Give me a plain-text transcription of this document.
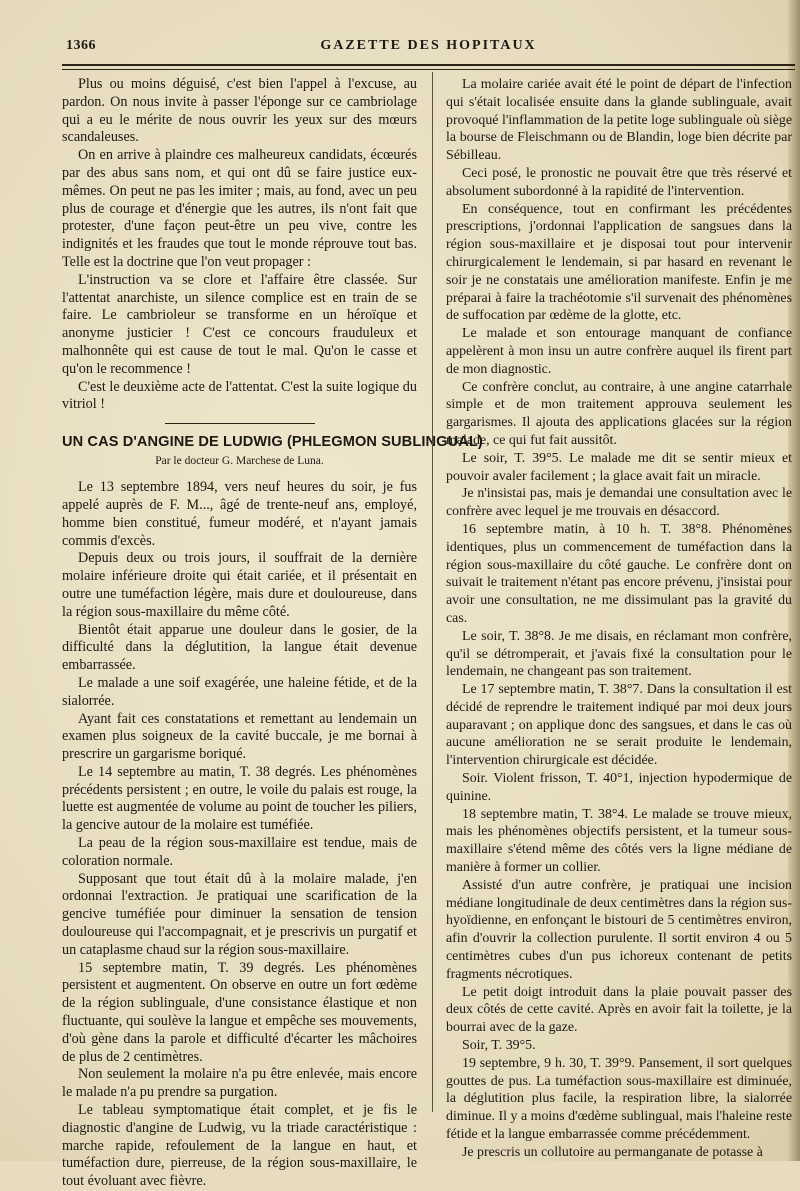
1366	GAZETTE DES HOPITAUX

Plus ou moins déguisé, c'est bien l'appel à l'excuse, au pardon. On nous invite à passer l'éponge sur ce cambriolage qui a eu le mérite de nous ouvrir les yeux sur des mœurs scandaleuses.

On en arrive à plaindre ces malheureux candidats, écœurés par des abus sans nom, et qui ont dû se faire justice eux-mêmes. On peut ne pas les imiter ; mais, au fond, avec un peu plus de courage et d'énergie que les autres, ils n'ont fait que protester, d'une façon peut-être un peu vive, contre les indignités et les fraudes que tout le monde réprouve tout bas. Telle est la doctrine que l'on veut propager :

L'instruction va se clore et l'affaire être classée. Sur l'attentat anarchiste, un silence complice est en train de se faire. Le cambrioleur se transforme en un héroïque et anonyme justicier ! C'est ce concours frauduleux et malhonnête qui est cause de tout le mal. Qu'on le casse et qu'on le recommence !

C'est le deuxième acte de l'attentat. C'est la suite logique du vitriol !

UN CAS D'ANGINE DE LUDWIG (PHLEGMON SUBLINGUAL)
Par le docteur G. Marchese de Luna.

Le 13 septembre 1894, vers neuf heures du soir, je fus appelé auprès de F. M..., âgé de trente-neuf ans, employé, homme bien constitué, fumeur modéré, et n'ayant jamais commis d'excès.

Depuis deux ou trois jours, il souffrait de la dernière molaire inférieure droite qui était cariée, et il présentait en outre une tuméfaction légère, mais dure et douloureuse, dans la région sous-maxillaire du même côté.

Bientôt était apparue une douleur dans le gosier, de la difficulté dans la déglutition, la langue était devenue embarrassée.

Le malade a une soif exagérée, une haleine fétide, et de la sialorrée.

Ayant fait ces constatations et remettant au lendemain un examen plus soigneux de la cavité buccale, je me bornai à prescrire un gargarisme boriqué.

Le 14 septembre au matin, T. 38 degrés. Les phénomènes précédents persistent ; en outre, le voile du palais est rouge, la luette est augmentée de volume au point de toucher les piliers, la gencive autour de la molaire est tuméfiée.

La peau de la région sous-maxillaire est tendue, mais de coloration normale.

Supposant que tout était dû à la molaire malade, j'en ordonnai l'extraction. Je pratiquai une scarification de la gencive tuméfiée pour diminuer la sensation de tension douloureuse qui l'accompagnait, et je prescrivis un purgatif et un cataplasme chaud sur la région sous-maxillaire.

15 septembre matin, T. 39 degrés. Les phénomènes persistent et augmentent. On observe en outre un fort œdème de la région sublinguale, d'une consistance élastique et non fluctuante, qui soulève la langue et empêche ses mouvements, d'où gène dans la parole et difficulté d'écarter les mâchoires de plus de 2 centimètres.

Non seulement la molaire n'a pu être enlevée, mais encore le malade n'a pu prendre sa purgation.

Le tableau symptomatique était complet, et je fis le diagnostic d'angine de Ludwig, vu la triade caractéristique : marche rapide, refoulement de la langue en haut, et tuméfaction dure, pierreuse, de la région sous-maxillaire, le tout évoluant avec fièvre.

La molaire cariée avait été le point de départ de l'infection qui s'était localisée ensuite dans la glande sublinguale, avait provoqué l'inflammation de la petite loge sublinguale où siège la bourse de Fleischmann ou de Blandin, loge bien décrite par Sébilleau.

Ceci posé, le pronostic ne pouvait être que très réservé et absolument subordonné à la rapidité de l'intervention.

En conséquence, tout en confirmant les précédentes prescriptions, j'ordonnai l'application de sangsues dans la région sous-maxillaire et je disposai tout pour intervenir chirurgicalement le lendemain, si par hasard en revenant le soir je ne constatais une amélioration manifeste. Enfin je me préparai à faire la trachéotomie s'il survenait des phénomènes de suffocation par œdème de la glotte, etc.

Le malade et son entourage manquant de confiance appelèrent à mon insu un autre confrère auquel ils firent part de mon diagnostic.

Ce confrère conclut, au contraire, à une angine catarrhale simple et de mon traitement approuva seulement les gargarismes. Il ajouta des applications glacées sur la région malade, ce qui fut fait aussitôt.

Le soir, T. 39°5. Le malade me dit se sentir mieux et pouvoir avaler facilement ; la glace avait fait un miracle.

Je n'insistai pas, mais je demandai une consultation avec le confrère avec lequel je me trouvais en désaccord.

16 septembre matin, à 10 h. T. 38°8. Phénomènes identiques, plus un commencement de tuméfaction dans la région sous-maxillaire du côté gauche. Le confrère dont on suivait le traitement n'étant pas encore prévenu, j'insistai pour avoir une consultation, ne me dissimulant pas la gravité du cas.

Le soir, T. 38°8. Je me disais, en réclamant mon confrère, qu'il se détromperait, et j'avais fixé la consultation pour le lendemain, ne changeant pas son traitement.

Le 17 septembre matin, T. 38°7. Dans la consultation il est décidé de reprendre le traitement indiqué par moi deux jours auparavant ; on applique donc des sangsues, et dans le cas où aucune amélioration ne se serait produite le lendemain, l'intervention chirurgicale est décidée.

Soir. Violent frisson, T. 40°1, injection hypodermique de quinine.

18 septembre matin, T. 38°4. Le malade se trouve mieux, mais les phénomènes objectifs persistent, et la tumeur sous-maxillaire s'étend même des côtés vers la ligne médiane de manière à former un collier.

Assisté d'un autre confrère, je pratiquai une incision médiane longitudinale de deux centimètres dans la région sus-hyoïdienne, en enfonçant le bistouri de 5 centimètres environ, afin d'ouvrir la collection purulente. Il sortit environ 4 ou 5 centimètres cubes d'un pus ichoreux contenant de petits fragments nécrotiques.

Le petit doigt introduit dans la plaie pouvait passer des deux côtés de cette cavité. Après en avoir fait la toilette, je la bourrai avec de la gaze.

Soir, T. 39°5.

19 septembre, 9 h. 30, T. 39°9. Pansement, il sort quelques gouttes de pus. La tuméfaction sous-maxillaire est diminuée, la déglutition plus facile, la respiration libre, la sialorrée diminue. Il y a moins d'œdème sublingual, mais l'haleine reste fétide et la langue embarrassée comme précédemment.

Je prescris un collutoire au permanganate de potasse à
